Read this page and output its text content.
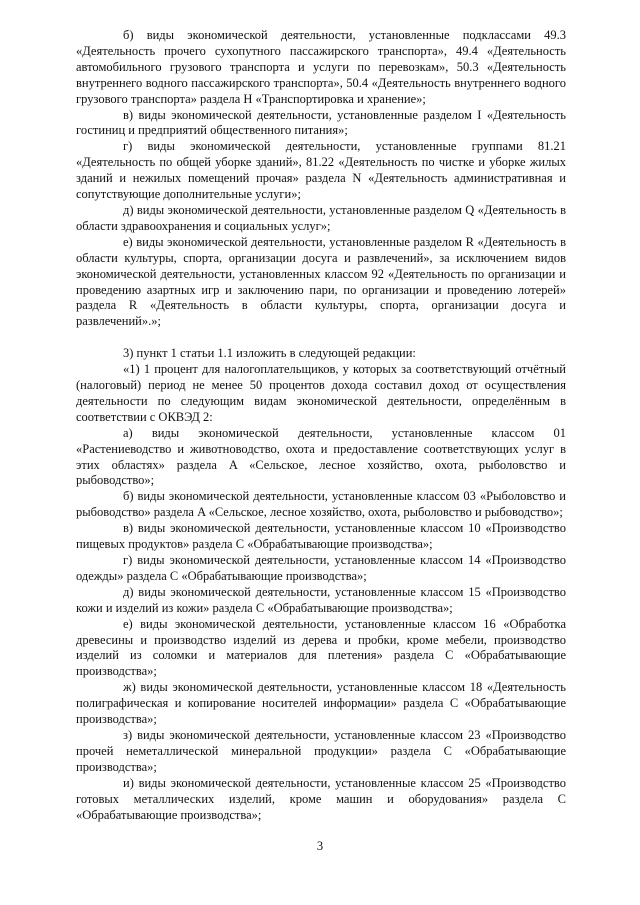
б) виды экономической деятельности, установленные подклассами 49.3 «Деятельность прочего сухопутного пассажирского транспорта», 49.4 «Деятельность автомобильного грузового транспорта и услуги по перевозкам», 50.3 «Деятельность внутреннего водного пассажирского транспорта», 50.4 «Деятельность внутреннего водного грузового транспорта» раздела H «Транспортировка и хранение»;

в) виды экономической деятельности, установленные разделом I «Деятельность гостиниц и предприятий общественного питания»;

г) виды экономической деятельности, установленные группами 81.21 «Деятельность по общей уборке зданий», 81.22 «Деятельность по чистке и уборке жилых зданий и нежилых помещений прочая» раздела N «Деятельность административная и сопутствующие дополнительные услуги»;

д) виды экономической деятельности, установленные разделом Q «Деятельность в области здравоохранения и социальных услуг»;

е) виды экономической деятельности, установленные разделом R «Деятельность в области культуры, спорта, организации досуга и развлечений», за исключением видов экономической деятельности, установленных классом 92 «Деятельность по организации и проведению азартных игр и заключению пари, по организации и проведению лотерей» раздела R «Деятельность в области культуры, спорта, организации досуга и развлечений».»;

3) пункт 1 статьи 1.1 изложить в следующей редакции:

«1) 1 процент для налогоплательщиков, у которых за соответствующий отчётный (налоговый) период не менее 50 процентов дохода составил доход от осуществления деятельности по следующим видам экономической деятельности, определённым в соответствии с ОКВЭД 2:

а) виды экономической деятельности, установленные классом 01 «Растениеводство и животноводство, охота и предоставление соответствующих услуг в этих областях» раздела A «Сельское, лесное хозяйство, охота, рыболовство и рыбоводство»;

б) виды экономической деятельности, установленные классом 03 «Рыболовство и рыбоводство» раздела A «Сельское, лесное хозяйство, охота, рыболовство и рыбоводство»;

в) виды экономической деятельности, установленные классом 10 «Производство пищевых продуктов» раздела C «Обрабатывающие производства»;

г) виды экономической деятельности, установленные классом 14 «Производство одежды» раздела C «Обрабатывающие производства»;

д) виды экономической деятельности, установленные классом 15 «Производство кожи и изделий из кожи» раздела C «Обрабатывающие производства»;

е) виды экономической деятельности, установленные классом 16 «Обработка древесины и производство изделий из дерева и пробки, кроме мебели, производство изделий из соломки и материалов для плетения» раздела C «Обрабатывающие производства»;

ж) виды экономической деятельности, установленные классом 18 «Деятельность полиграфическая и копирование носителей информации» раздела C «Обрабатывающие производства»;

з) виды экономической деятельности, установленные классом 23 «Производство прочей неметаллической минеральной продукции» раздела C «Обрабатывающие производства»;

и) виды экономической деятельности, установленные классом 25 «Производство готовых металлических изделий, кроме машин и оборудования» раздела C «Обрабатывающие производства»;

3
